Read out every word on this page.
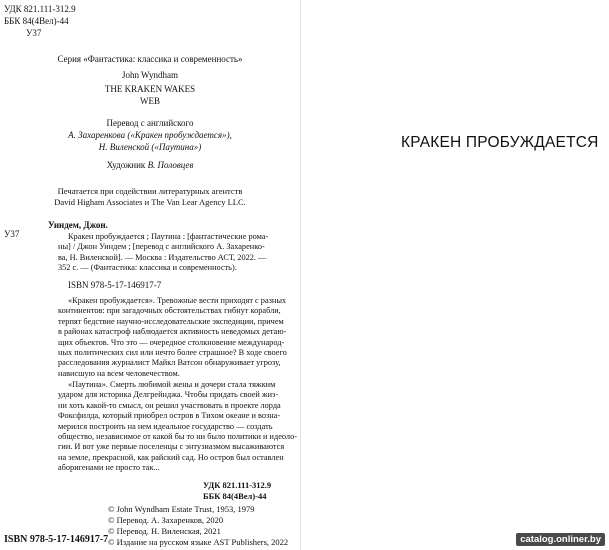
УДК 821.111-312.9
ББК 84(4Вел)-44
У37
Серия «Фантастика: классика и современность»
John Wyndham
THE KRAKEN WAKES
WEB
Перевод с английского
А. Захаренкова («Кракен пробуждается»),
Н. Виленской («Паутина»)
Художник В. Половцев
Печатается при содействии литературных агентств
David Higham Associates и The Van Lear Agency LLC.
У37
Уиндем, Джон.
Кракен пробуждается ; Паутина : [фантастические рома-
ны] / Джон Уиндем ; [перевод с английского А. Захаренко-
ва, Н. Виленской]. — Москва : Издательство АСТ, 2022. —
352 с. — (Фантастика: классика и современность).
ISBN 978-5-17-146917-7
«Кракен пробуждается». Тревожные вести приходят с разных
континентов: при загадочных обстоятельствах гибнут корабли,
терпят бедствие научно-исследовательские экспедиции, причем
в районах катастроф наблюдается активность неведомых детаю-
щих объектов. Что это — очередное столкновение международ-
ных политических сил или нечто более страшное? В ходе своего
расследования журналист Майкл Ватсон обнаруживает угрозу,
нависшую на всем человечеством.
«Паутина». Смерть любимой жены и дочери стала тяжким
ударом для историка Делгрейнджа. Чтобы придать своей жиз-
ни хоть какой-то смысл, он решил участвовать в проекте лорда
Фоксфилда, который приобрел остров в Тихом океане и возна-
мерился построить на нем идеальное государство — создать
общество, независимое от какой бы то ни было политики и идеоло-
гии. И вот уже первые поселенцы с энтузиазмом высаживаются
на земле, прекрасной, как райский сад. Но остров был оставлен
аборигенами не просто так...
УДК 821.111-312.9
ББК 84(4Вел)-44
© John Wyndham Estate Trust, 1953, 1979
© Перевод. А. Захаренков, 2020
© Перевод. Н. Виленская, 2021
© Издание на русском языке AST Publishers, 2022
ISBN 978-5-17-146917-7
КРАКЕН ПРОБУЖДАЕТСЯ
catalog.onliner.by
